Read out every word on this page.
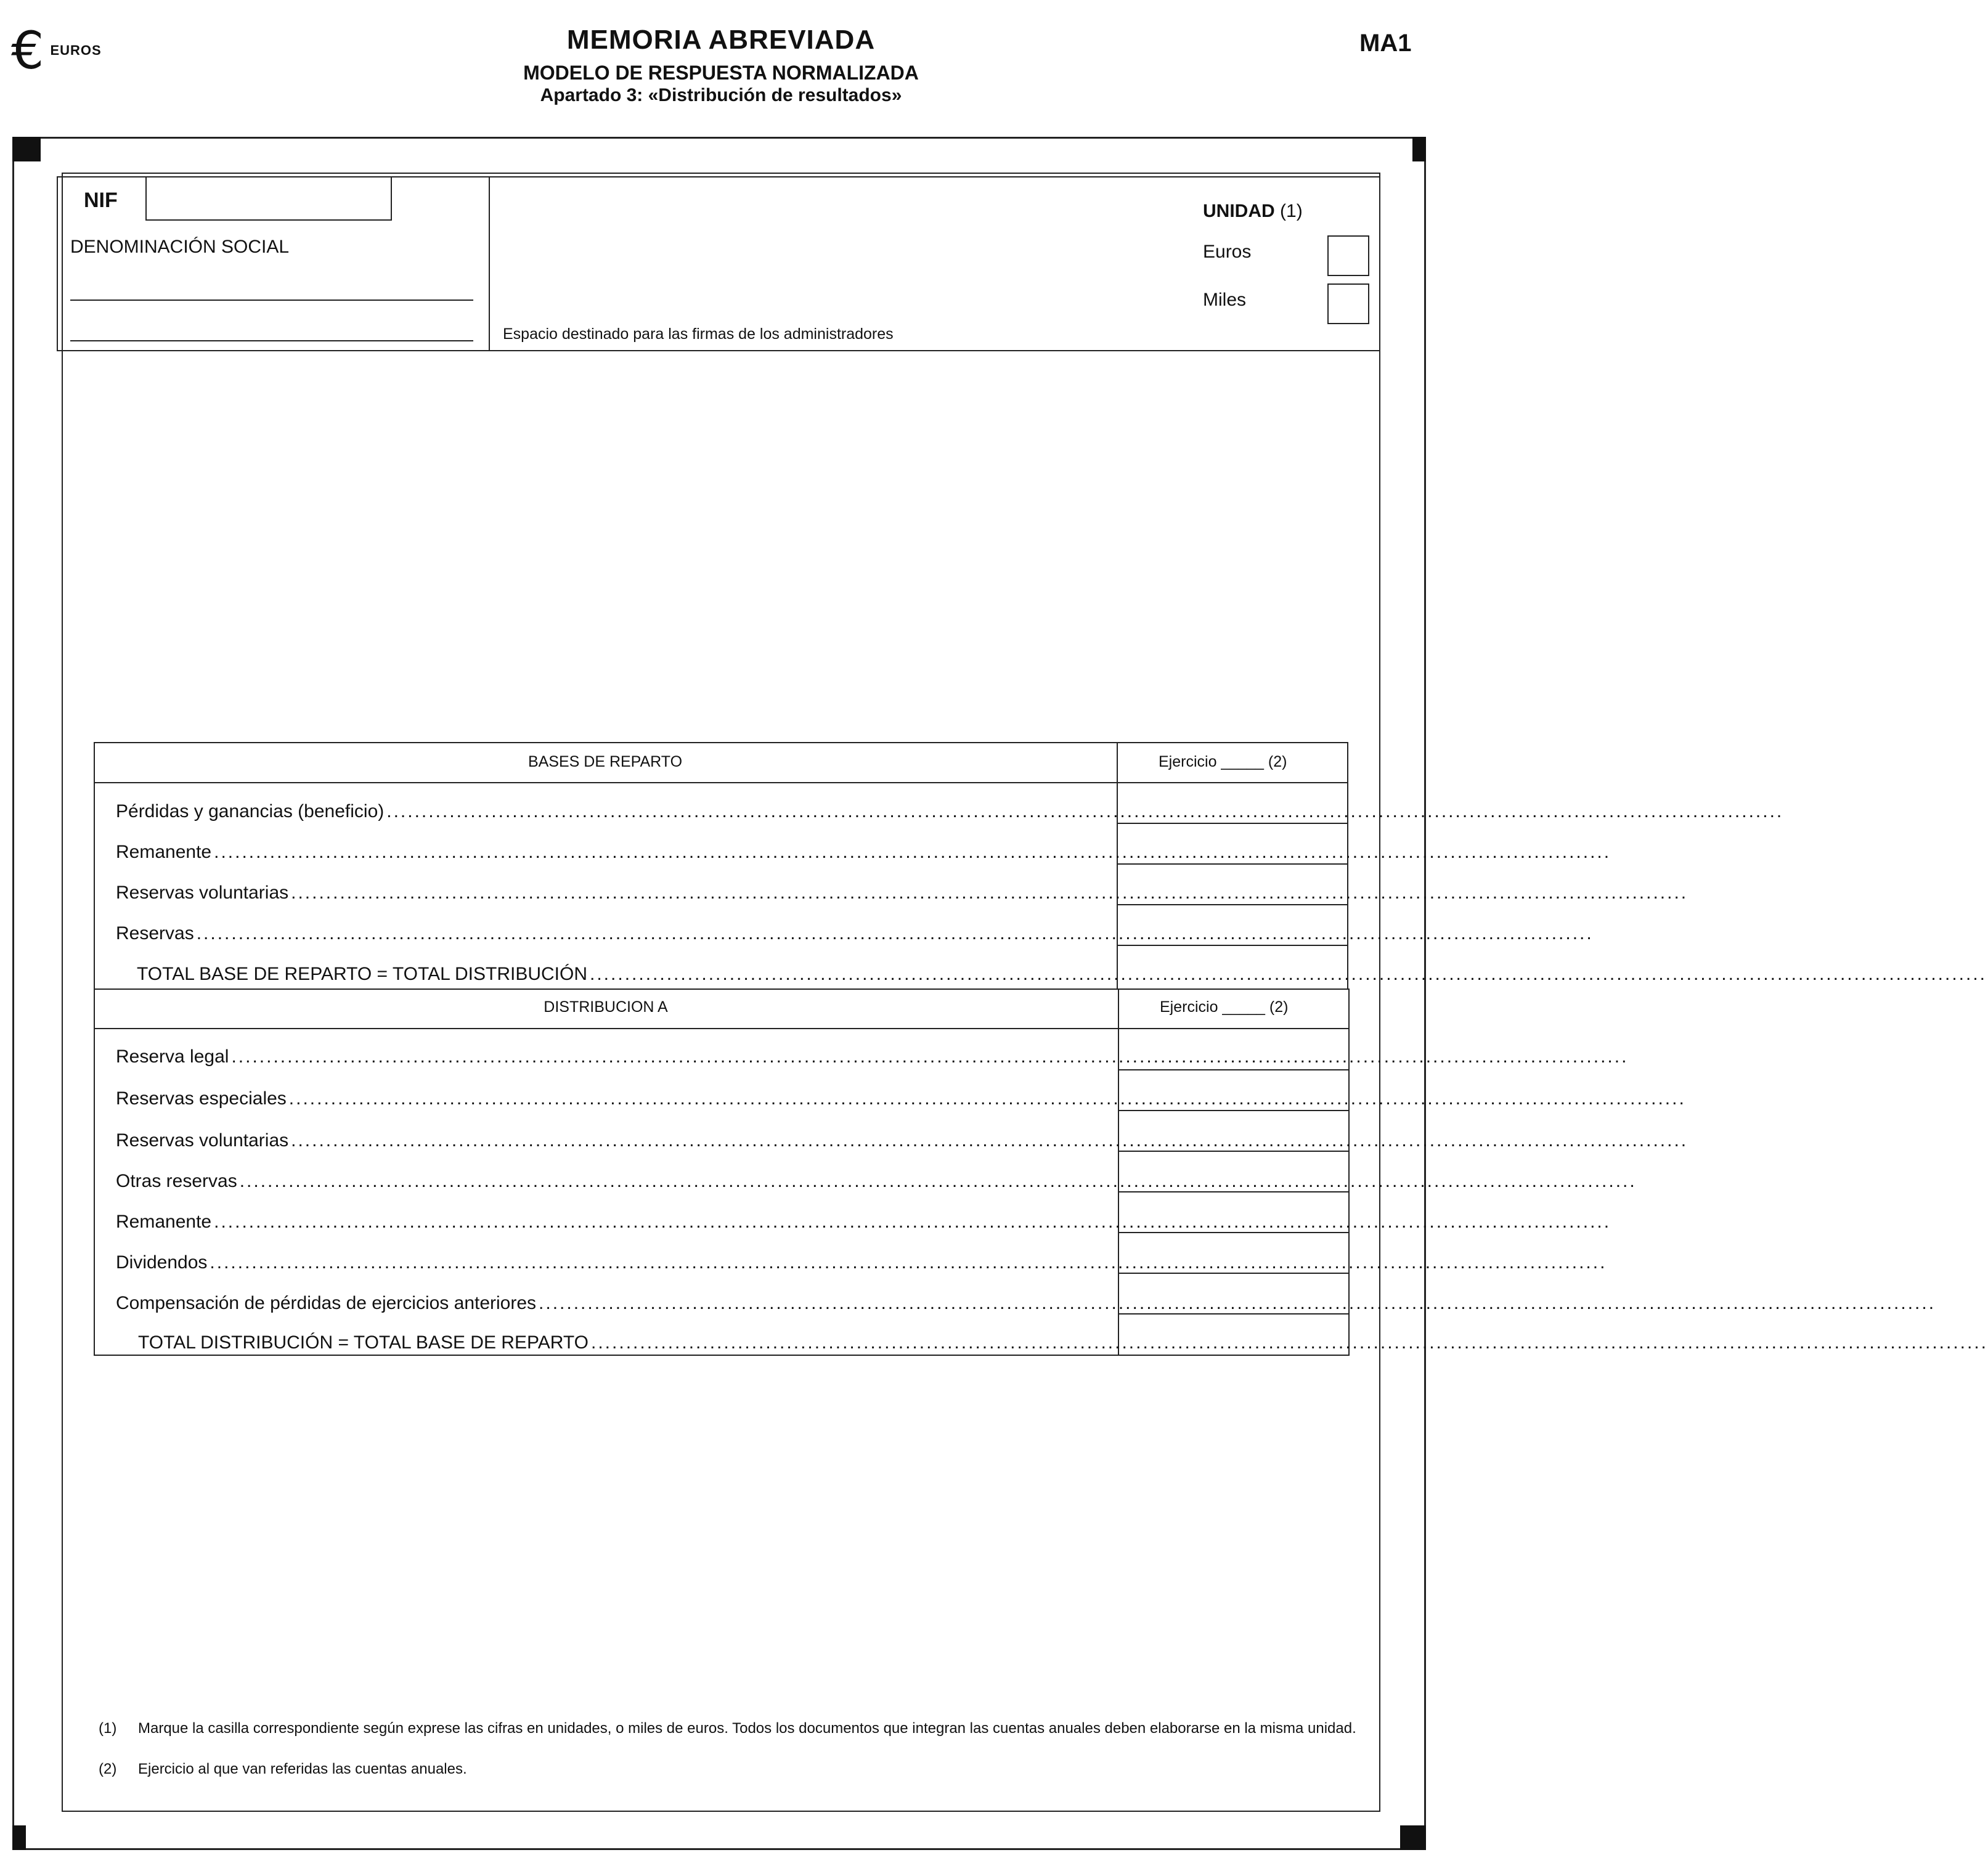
€ EUROS	MEMORIA ABREVIADA
MODELO DE RESPUESTA NORMALIZADA
Apartado 3: «Distribución de resultados»
MA1
NIF
DENOMINACIÓN SOCIAL
Espacio destinado para las firmas de los administradores
UNIDAD (1)
Euros
Miles
BASES DE REPARTO	Ejercicio _____ (2)
Pérdidas y ganancias (beneficio) ........................................................................................................................................................................................................
Remanente ........................................................................................................................................................................................................
Reservas voluntarias ........................................................................................................................................................................................................
Reservas ........................................................................................................................................................................................................
TOTAL BASE DE REPARTO = TOTAL DISTRIBUCIÓN ........................................................................................................................................................................................................
DISTRIBUCION A	Ejercicio _____ (2)
Reserva legal ........................................................................................................................................................................................................
Reservas especiales ........................................................................................................................................................................................................
Reservas voluntarias ........................................................................................................................................................................................................
Otras reservas ........................................................................................................................................................................................................
Remanente ........................................................................................................................................................................................................
Dividendos ........................................................................................................................................................................................................
Compensación de pérdidas de ejercicios anteriores ........................................................................................................................................................................................................
TOTAL DISTRIBUCIÓN = TOTAL BASE DE REPARTO ........................................................................................................................................................................................................
(1)	Marque la casilla correspondiente según exprese las cifras en unidades, o miles de euros. Todos los documentos que integran las cuentas anuales deben elaborarse en la misma unidad.
(2)	Ejercicio al que van referidas las cuentas anuales.
